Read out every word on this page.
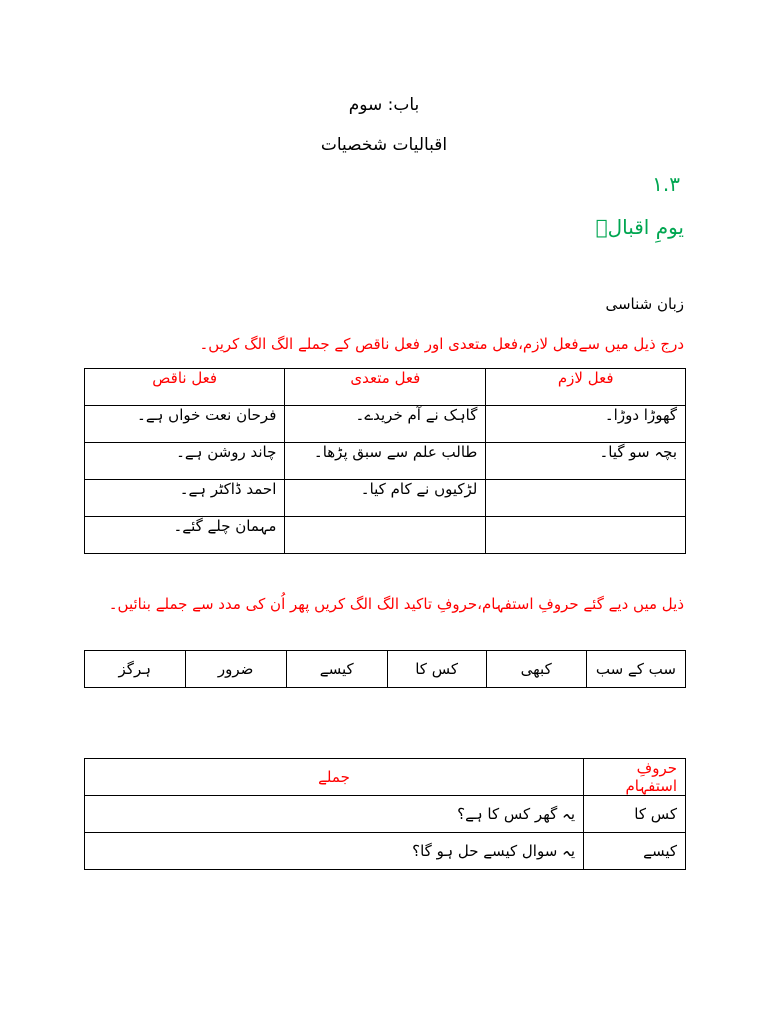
باب: سوم
اقبالیات شخصیات
۱.۳
یومِ اقبالؒ
زبان شناسی
درج ذیل میں سےفعل لازم،فعل متعدی اور فعل ناقص کے جملے الگ الگ کریں۔
فعل لازم	فعل متعدی	فعل ناقص
گھوڑا دوڑا۔	گاہک نے آم خریدے۔	فرحان نعت خواں ہے۔
بچہ سو گیا۔	طالب علم سے سبق پڑھا۔	چاند روشن ہے۔
	لڑکیوں نے کام کیا۔	احمد ڈاکٹر ہے۔
		مہمان چلے گئے۔
ذیل میں دیے گئے حروفِ استفہام،حروفِ تاکید الگ الگ کریں پھر اُن کی مدد سے جملے بنائیں۔
سب کے سب	کبھی	کس کا	کیسے	ضرور	ہرگز
حروفِ استفہام	جملے
کس کا	یہ گھر کس کا ہے؟
کیسے	یہ سوال کیسے حل ہو گا؟
